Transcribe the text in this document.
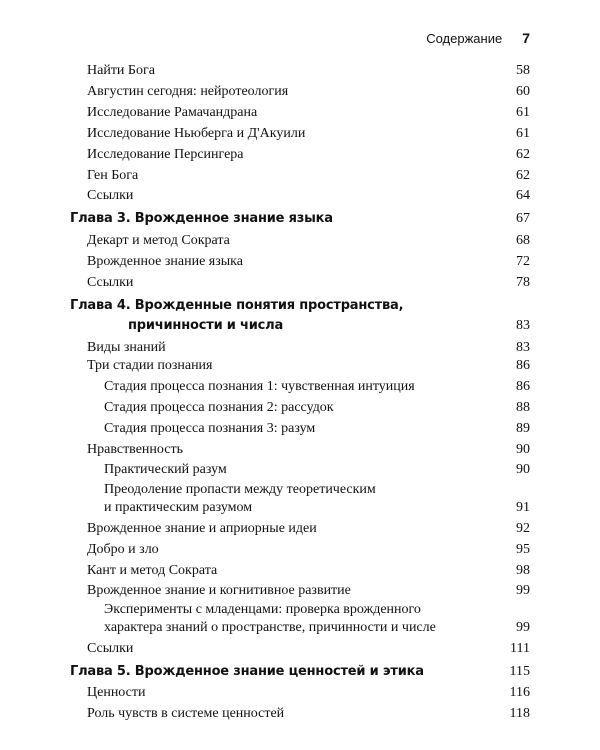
Содержание 7
Найти Бога	58
Августин сегодня: нейротеология	60
Исследование Рамачандрана	61
Исследование Ньюберга и Д'Акуили	61
Исследование Персингера	62
Ген Бога	62
Ссылки	64
Глава 3. Врожденное знание языка	67
Декарт и метод Сократа	68
Врожденное знание языка	72
Ссылки	78
Глава 4. Врожденные понятия пространства,
причинности и числа	83
Виды знаний	83
Три стадии познания	86
Стадия процесса познания 1: чувственная интуиция	86
Стадия процесса познания 2: рассудок	88
Стадия процесса познания 3: разум	89
Нравственность	90
Практический разум	90
Преодоление пропасти между теоретическим
и практическим разумом	91
Врожденное знание и априорные идеи	92
Добро и зло	95
Кант и метод Сократа	98
Врожденное знание и когнитивное развитие	99
Эксперименты с младенцами: проверка врожденного
характера знаний о пространстве, причинности и числе	99
Ссылки	111
Глава 5. Врожденное знание ценностей и этика	115
Ценности	116
Роль чувств в системе ценностей	118
